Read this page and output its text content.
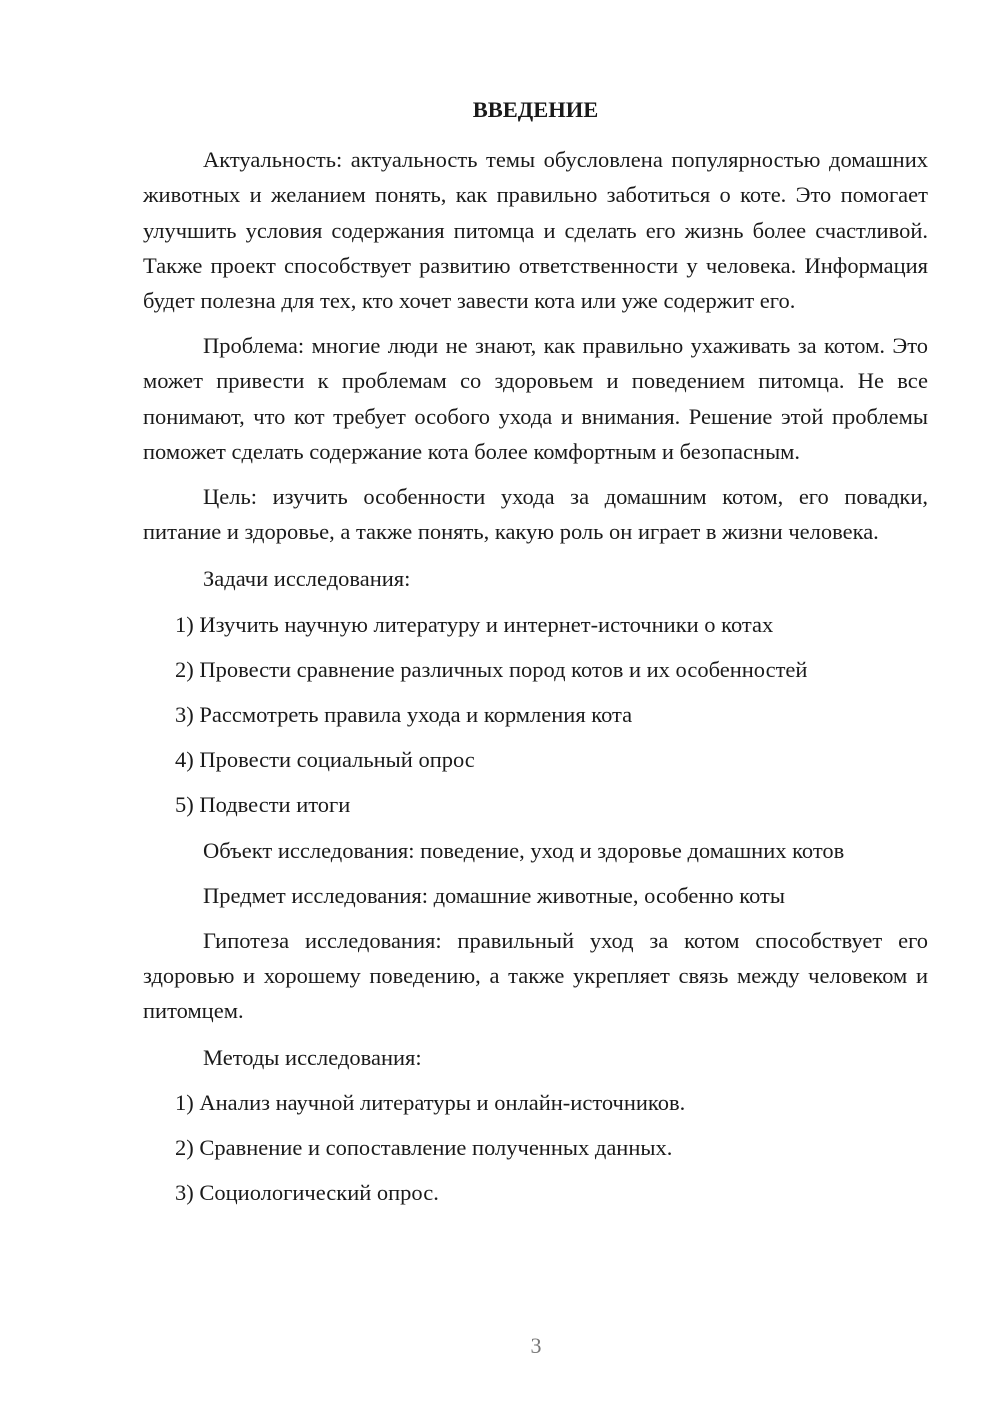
ВВЕДЕНИЕ

Актуальность: актуальность темы обусловлена популярностью домашних животных и желанием понять, как правильно заботиться о коте. Это помогает улучшить условия содержания питомца и сделать его жизнь более счастливой. Также проект способствует развитию ответственности у человека. Информация будет полезна для тех, кто хочет завести кота или уже содержит его.

Проблема: многие люди не знают, как правильно ухаживать за котом. Это может привести к проблемам со здоровьем и поведением питомца. Не все понимают, что кот требует особого ухода и внимания. Решение этой проблемы поможет сделать содержание кота более комфортным и безопасным.

Цель: изучить особенности ухода за домашним котом, его повадки, питание и здоровье, а также понять, какую роль он играет в жизни человека.

Задачи исследования:

1) Изучить научную литературу и интернет-источники о котах
2) Провести сравнение различных пород котов и их особенностей
3) Рассмотреть правила ухода и кормления кота
4) Провести социальный опрос
5) Подвести итоги

Объект исследования: поведение, уход и здоровье домашних котов

Предмет исследования: домашние животные, особенно коты

Гипотеза исследования: правильный уход за котом способствует его здоровью и хорошему поведению, а также укрепляет связь между человеком и питомцем.

Методы исследования:

1) Анализ научной литературы и онлайн-источников.
2) Сравнение и сопоставление полученных данных.
3) Социологический опрос.
3
